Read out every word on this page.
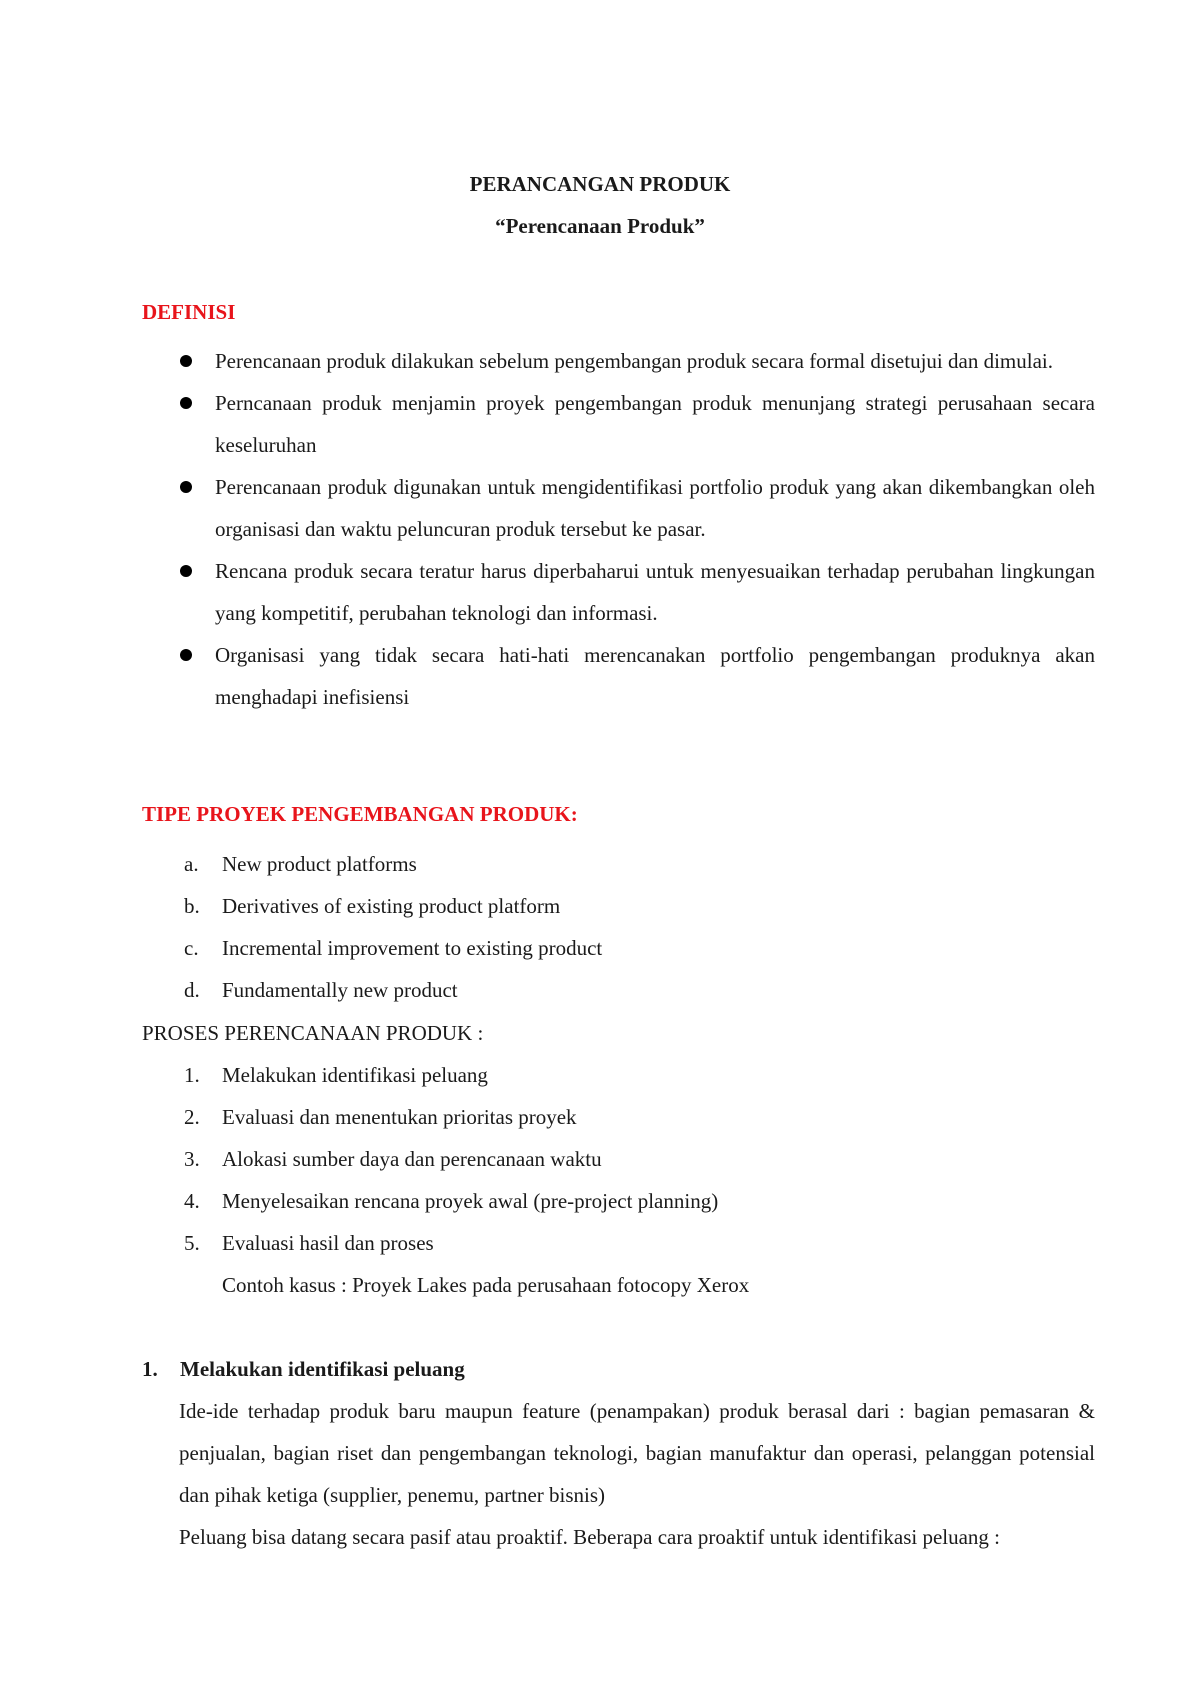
PERANCANGAN PRODUK
“Perencanaan Produk”
DEFINISI
Perencanaan produk dilakukan sebelum pengembangan produk secara formal disetujui dan dimulai.
Perncanaan produk menjamin proyek pengembangan produk menunjang strategi perusahaan secara keseluruhan
Perencanaan produk digunakan untuk mengidentifikasi portfolio produk yang akan dikembangkan oleh organisasi dan waktu peluncuran produk tersebut ke pasar.
Rencana produk secara teratur harus diperbaharui untuk menyesuaikan terhadap perubahan lingkungan yang kompetitif, perubahan teknologi dan informasi.
Organisasi yang tidak secara hati-hati merencanakan portfolio pengembangan produknya akan menghadapi inefisiensi
TIPE PROYEK PENGEMBANGAN PRODUK:
a. New product platforms
b. Derivatives of existing product platform
c. Incremental improvement to existing product
d. Fundamentally new product
PROSES PERENCANAAN PRODUK :
1. Melakukan identifikasi peluang
2. Evaluasi dan menentukan prioritas proyek
3. Alokasi sumber daya dan perencanaan waktu
4. Menyelesaikan rencana proyek awal (pre-project planning)
5. Evaluasi hasil dan proses
Contoh kasus : Proyek Lakes pada perusahaan fotocopy Xerox
1. Melakukan identifikasi peluang

Ide-ide terhadap produk baru maupun feature (penampakan) produk berasal dari : bagian pemasaran & penjualan, bagian riset dan pengembangan teknologi, bagian manufaktur dan operasi, pelanggan potensial dan pihak ketiga (supplier, penemu, partner bisnis)

Peluang bisa datang secara pasif atau proaktif. Beberapa cara proaktif untuk identifikasi peluang :
